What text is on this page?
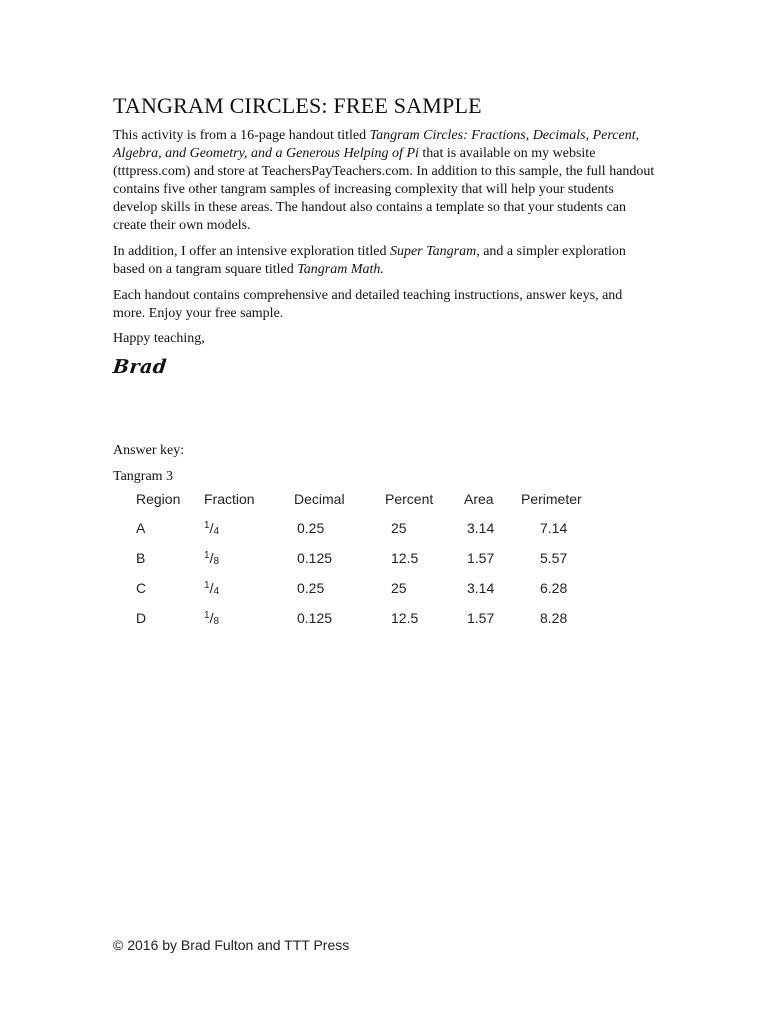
TANGRAM CIRCLES: FREE SAMPLE

This activity is from a 16-page handout titled Tangram Circles: Fractions, Decimals, Percent, Algebra, and Geometry, and a Generous Helping of Pi that is available on my website (tttpress.com) and store at TeachersPayTeachers.com. In addition to this sample, the full handout contains five other tangram samples of increasing complexity that will help your students develop skills in these areas. The handout also contains a template so that your students can create their own models.

In addition, I offer an intensive exploration titled Super Tangram, and a simpler exploration based on a tangram square titled Tangram Math.

Each handout contains comprehensive and detailed teaching instructions, answer keys, and more. Enjoy your free sample.

Happy teaching,

Brad
Answer key:
Tangram 3
Region Fraction	Decimal	Percent Area Perimeter
A	$^1/_4$	0.25	25	3.14	7.14
B	$^1/_8$	0.125	12.5	1.57	5.57
C	$^1/_4$	0.25	25	3.14	6.28
D	$^1/_8$	0.125	12.5	1.57	8.28
© 2016 by Brad Fulton and TTT Press
